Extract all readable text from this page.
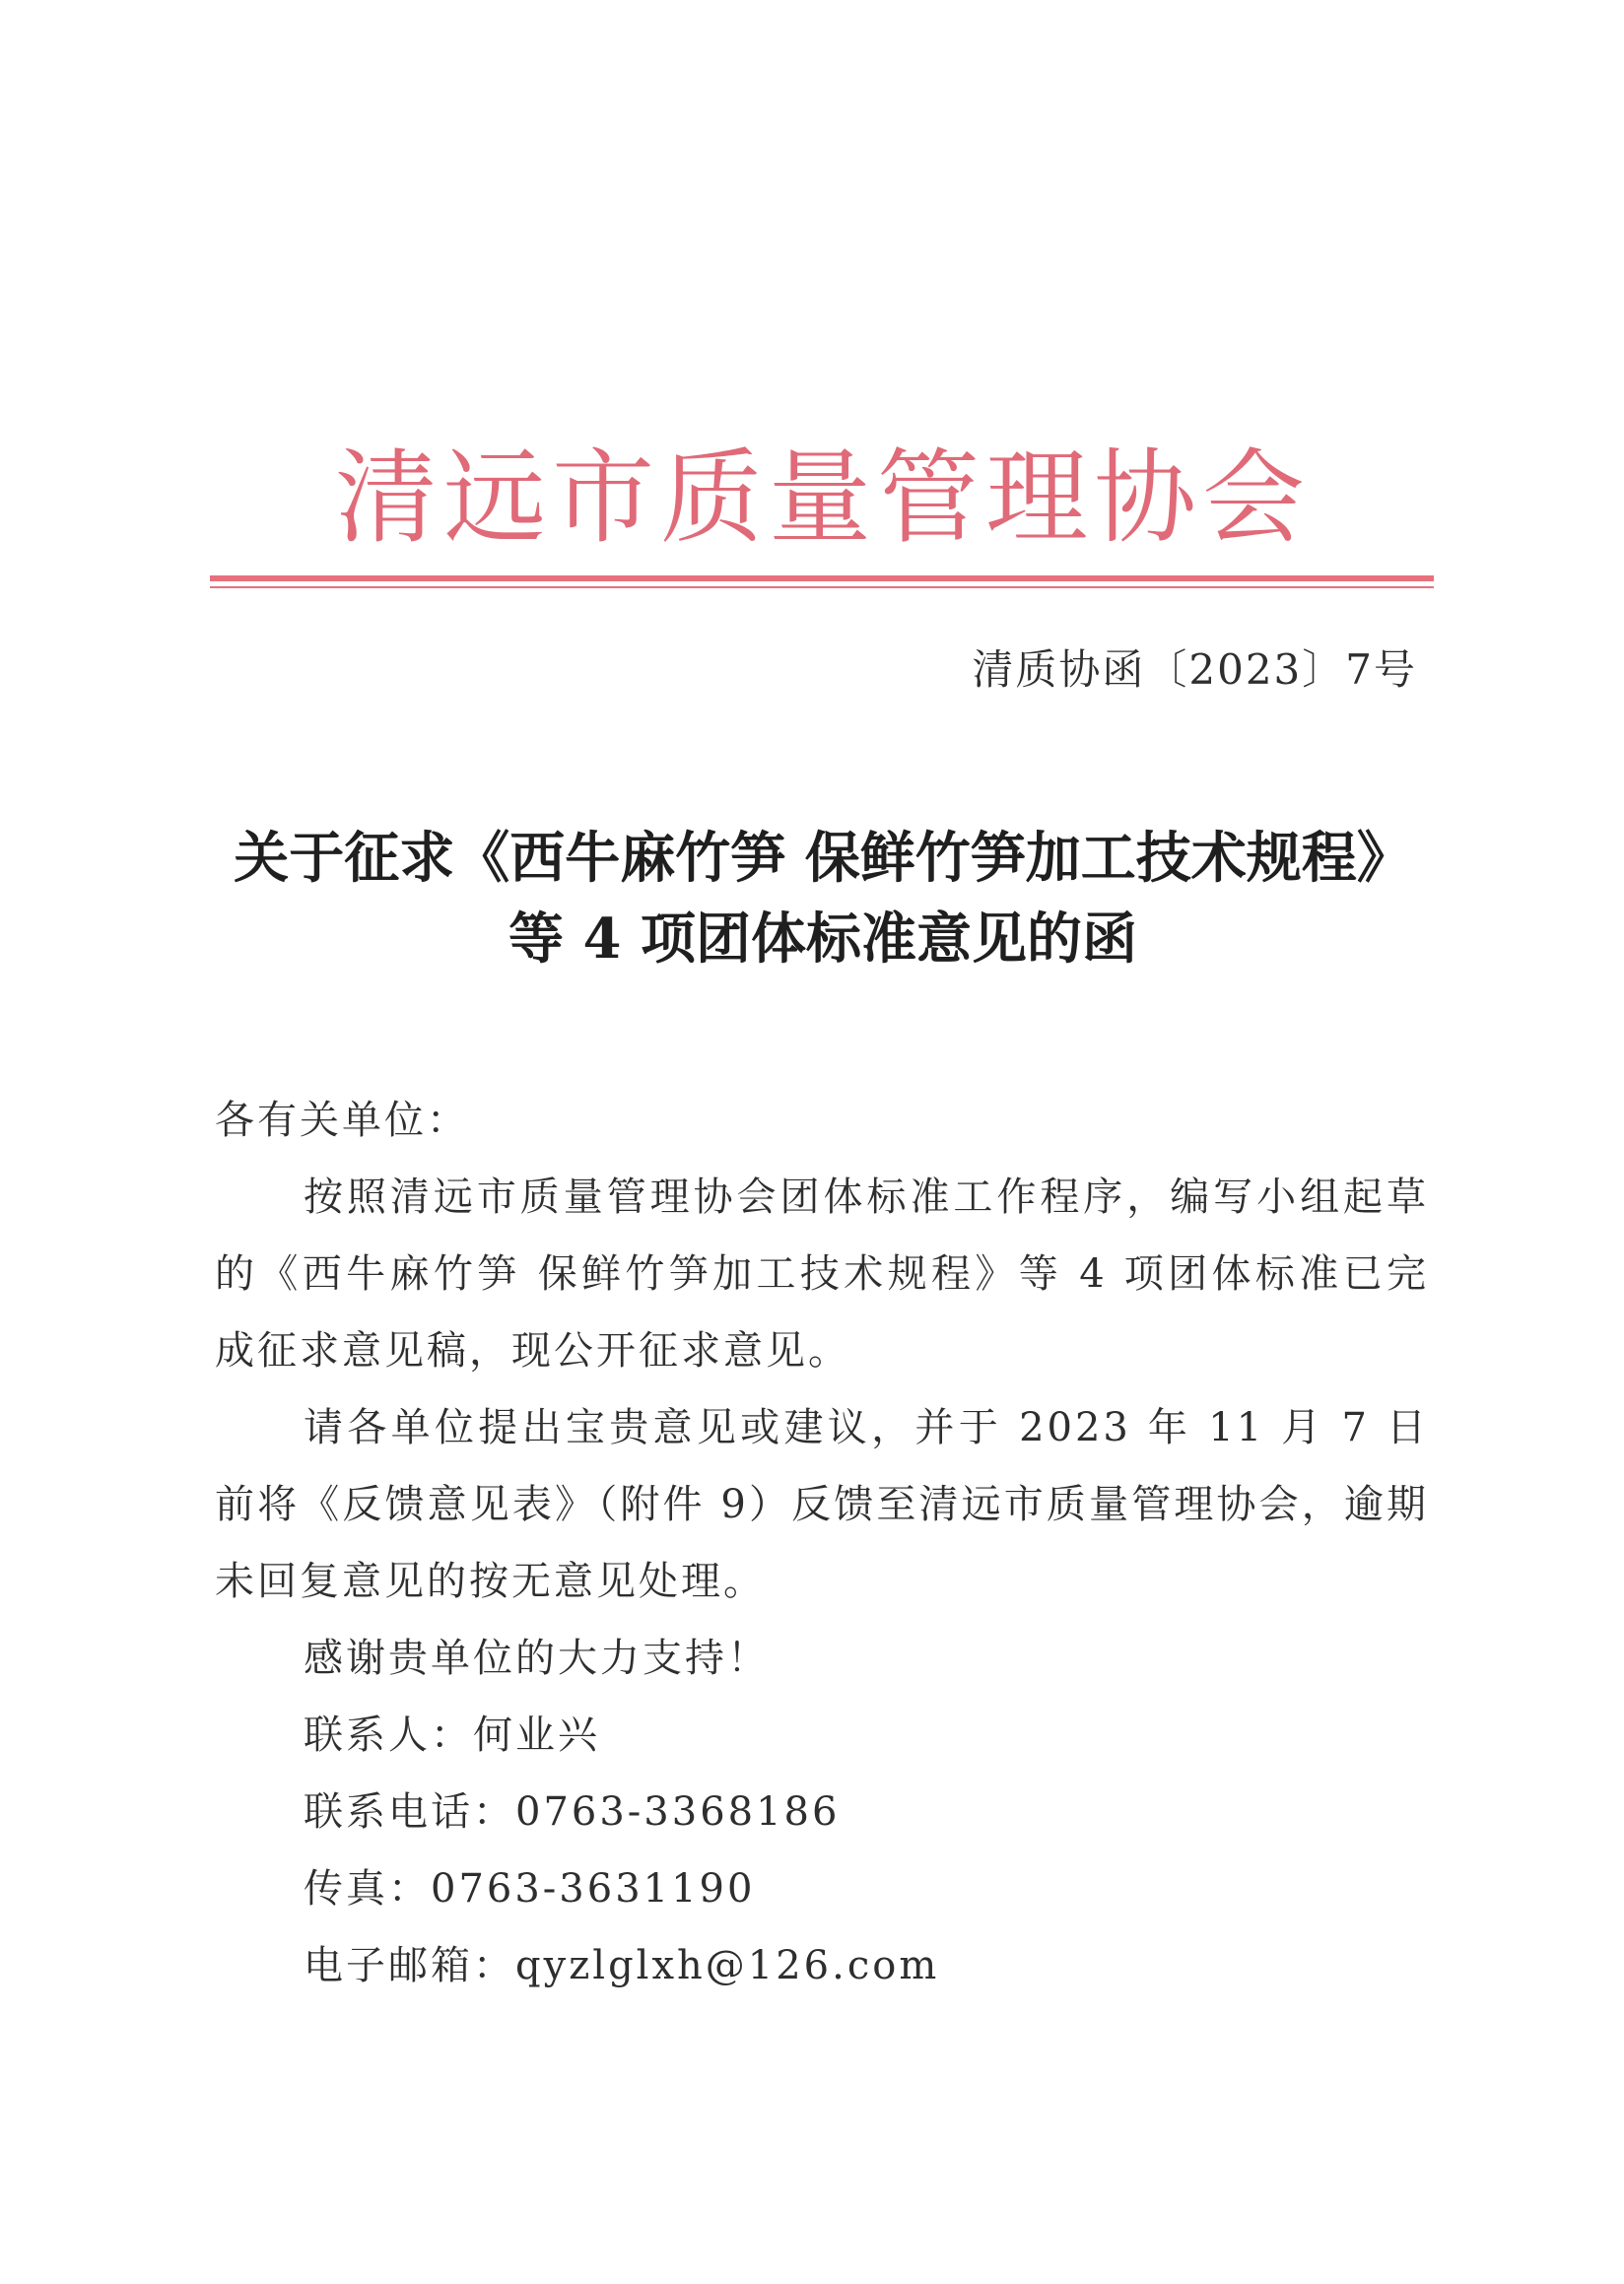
清远市质量管理协会
清质协函〔2023〕7号
关于征求《西牛麻竹笋 保鲜竹笋加工技术规程》
等 4 项团体标准意见的函

各有关单位：

按照清远市质量管理协会团体标准工作程序，编写小组起草的《西牛麻竹笋 保鲜竹笋加工技术规程》等 4 项团体标准已完成征求意见稿，现公开征求意见。

请各单位提出宝贵意见或建议，并于 2023 年 11 月 7 日前将《反馈意见表》（附件 9）反馈至清远市质量管理协会，逾期未回复意见的按无意见处理。

感谢贵单位的大力支持！

联系人：何业兴

联系电话：0763-3368186

传真：0763-3631190

电子邮箱：qyzlglxh@126.com
